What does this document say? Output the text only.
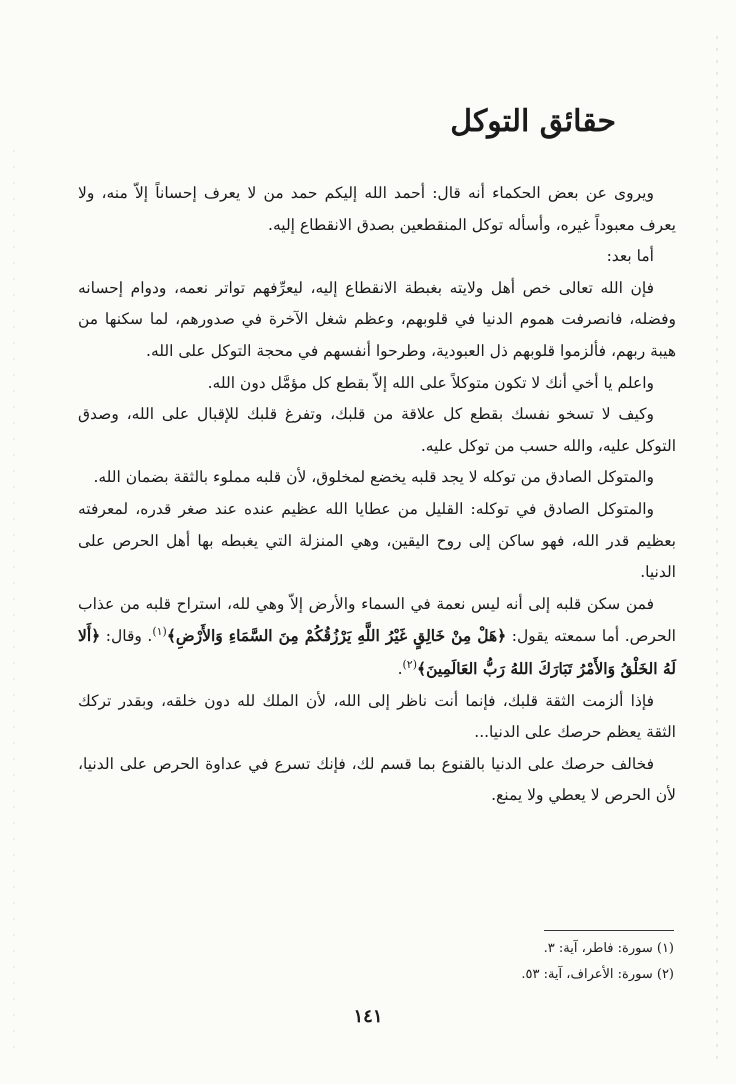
حقائق التوكل

ويروى عن بعض الحكماء أنه قال: أحمد الله إليكم حمد من لا يعرف إحساناً إلاّ منه، ولا يعرف معبوداً غيره، وأسأله توكل المنقطعين بصدق الانقطاع إليه.

أما بعد:

فإن الله تعالى خص أهل ولايته بغبطة الانقطاع إليه، ليعرِّفهم تواتر نعمه، ودوام إحسانه وفضله، فانصرفت هموم الدنيا في قلوبهم، وعظم شغل الآخرة في صدورهم، لما سكنها من هيبة ربهم، فألزموا قلوبهم ذل العبودية، وطرحوا أنفسهم في محجة التوكل على الله.

واعلم يا أخي أنك لا تكون متوكلاً على الله إلاّ بقطع كل مؤمَّل دون الله.

وكيف لا تسخو نفسك بقطع كل علاقة من قلبك، وتفرغ قلبك للإقبال على الله، وصدق التوكل عليه، والله حسب من توكل عليه.

والمتوكل الصادق من توكله لا يجد قلبه يخضع لمخلوق، لأن قلبه مملوء بالثقة بضمان الله.

والمتوكل الصادق في توكله: القليل من عطايا الله عظيم عنده عند صغر قدره، لمعرفته بعظيم قدر الله، فهو ساكن إلى روح اليقين، وهي المنزلة التي يغبطه بها أهل الحرص على الدنيا.

فمن سكن قلبه إلى أنه ليس نعمة في السماء والأرض إلاّ وهي لله، استراح قلبه من عذاب الحرص. أما سمعته يقول: ﴿هَلْ مِنْ خَالِقٍ غَيْرُ اللَّهِ يَرْزُقُكُمْ مِنَ السَّمَاءِ وَالأَرْضِ﴾$^{(١)}$. وقال: ﴿أَلا لَهُ الخَلْقُ وَالأَمْرُ تَبَارَكَ اللهُ رَبُّ العَالَمِينَ﴾$^{(٢)}$.

فإذا ألزمت الثقة قلبك، فإنما أنت ناظر إلى الله، لأن الملك لله دون خلقه، وبقدر تركك الثقة يعظم حرصك على الدنيا...

فخالف حرصك على الدنيا بالقنوع بما قسم لك، فإنك تسرع في عداوة الحرص على الدنيا، لأن الحرص لا يعطي ولا يمنع.

(١) سورة: فاطر، آية: ٣.
(٢) سورة: الأعراف، آية: ٥٣.
١٤١
